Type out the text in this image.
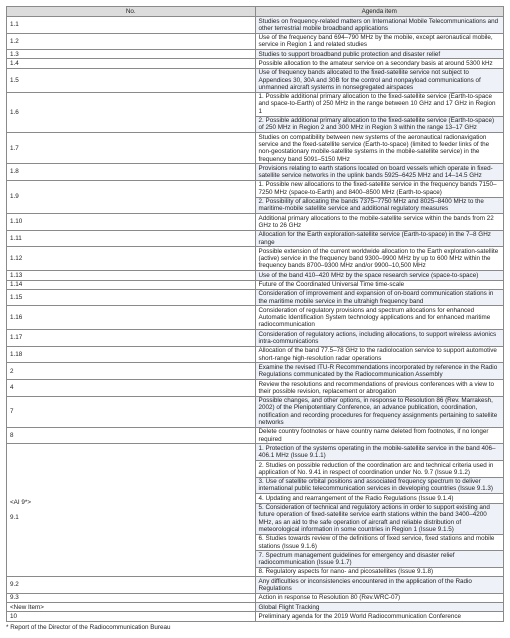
No.	Agenda item
1.1	Studies on frequency-related matters on International Mobile Telecommunications and other terrestrial mobile broadband applications
1.2	Use of the frequency band 694–790 MHz by the mobile, except aeronautical mobile, service in Region 1 and related studies
1.3	Studies to support broadband public protection and disaster relief
1.4	Possible allocation to the amateur service on a secondary basis at around 5300 kHz
1.5	Use of frequency bands allocated to the fixed-satellite service not subject to Appendices 30, 30A and 30B for the control and nonpayload communications of unmanned aircraft systems in nonsegregated airspaces
1.6	1. Possible additional primary allocation to the fixed-satellite service (Earth-to-space and space-to-Earth) of 250 MHz in the range between 10 GHz and 17 GHz in Region 1
	2. Possible additional primary allocation to the fixed-satellite service (Earth-to-space) of 250 MHz in Region 2 and 300 MHz in Region 3 within the range 13–17 GHz
1.7	Studies on compatibility between new systems of the aeronautical radionavigation service and the fixed-satellite service (Earth-to-space) (limited to feeder links of the non-geostationary mobile-satellite systems in the mobile-satellite service) in the frequency band 5091–5150 MHz
1.8	Provisions relating to earth stations located on board vessels which operate in fixed-satellite service networks in the uplink bands 5925–6425 MHz and 14–14.5 GHz
1.9	1. Possible new allocations to the fixed-satellite service in the frequency bands 7150–7250 MHz (space-to-Earth) and 8400–8500 MHz (Earth-to-space)
	2. Possibility of allocating the bands 7375–7750 MHz and 8025–8400 MHz to the maritime-mobile satellite service and additional regulatory measures
1.10	Additional primary allocations to the mobile-satellite service within the bands from 22 GHz to 26 GHz
1.11	Allocation for the Earth exploration-satellite service (Earth-to-space) in the 7–8 GHz range
1.12	Possible extension of the current worldwide allocation to the Earth exploration-satellite (active) service in the frequency band 9300–9900 MHz by up to 600 MHz within the frequency bands 8700–9300 MHz and/or 9900–10,500 MHz
1.13	Use of the band 410–420 MHz by the space research service (space-to-space)
1.14	Future of the Coordinated Universal Time time-scale
1.15	Consideration of improvement and expansion of on-board communication stations in the maritime mobile service in the ultrahigh frequency band
1.16	Consideration of regulatory provisions and spectrum allocations for enhanced Automatic Identification System technology applications and for enhanced maritime radiocommunication
1.17	Consideration of regulatory actions, including allocations, to support wireless avionics intra-communications
1.18	Allocation of the band 77.5–78 GHz to the radiolocation service to support automotive short-range high-resolution radar operations
2	Examine the revised ITU-R Recommendations incorporated by reference in the Radio Regulations communicated by the Radiocommunication Assembly
4	Review the resolutions and recommendations of previous conferences with a view to their possible revision, replacement or abrogation
7	Possible changes, and other options, in response to Resolution 86 (Rev. Marrakesh, 2002) of the Plenipotentiary Conference, an advance publication, coordination, notification and recording procedures for frequency assignments pertaining to satellite networks
8	Delete country footnotes or have country name deleted from footnotes, if no longer required
<AI 9*>

9.1	1. Protection of the systems operating in the mobile-satellite service in the band 406–406.1 MHz (Issue 9.1.1)
	2. Studies on possible reduction of the coordination arc and technical criteria used in application of No. 9.41 in respect of coordination under No. 9.7 (Issue 9.1.2)
	3. Use of satellite orbital positions and associated frequency spectrum to deliver international public telecommunication services in developing countries (Issue 9.1.3)
	4. Updating and rearrangement of the Radio Regulations (Issue 9.1.4)
	5. Consideration of technical and regulatory actions in order to support existing and future operation of fixed-satellite service earth stations within the band 3400–4200 MHz, as an aid to the safe operation of aircraft and reliable distribution of meteorological information in some countries in Region 1 (Issue 9.1.5)
	6. Studies towards review of the definitions of fixed service, fixed stations and mobile stations (Issue 9.1.6)
	7. Spectrum management guidelines for emergency and disaster relief radiocommunication (Issue 9.1.7)
	8. Regulatory aspects for nano- and picosatellites (Issue 9.1.8)
9.2	Any difficulties or inconsistencies encountered in the application of the Radio Regulations
9.3	Action in response to Resolution 80 (Rev.WRC-07)
<New Item>	Global Flight Tracking
10	Preliminary agenda for the 2019 World Radiocommunication Conference
* Report of the Director of the Radiocommunication Bureau
